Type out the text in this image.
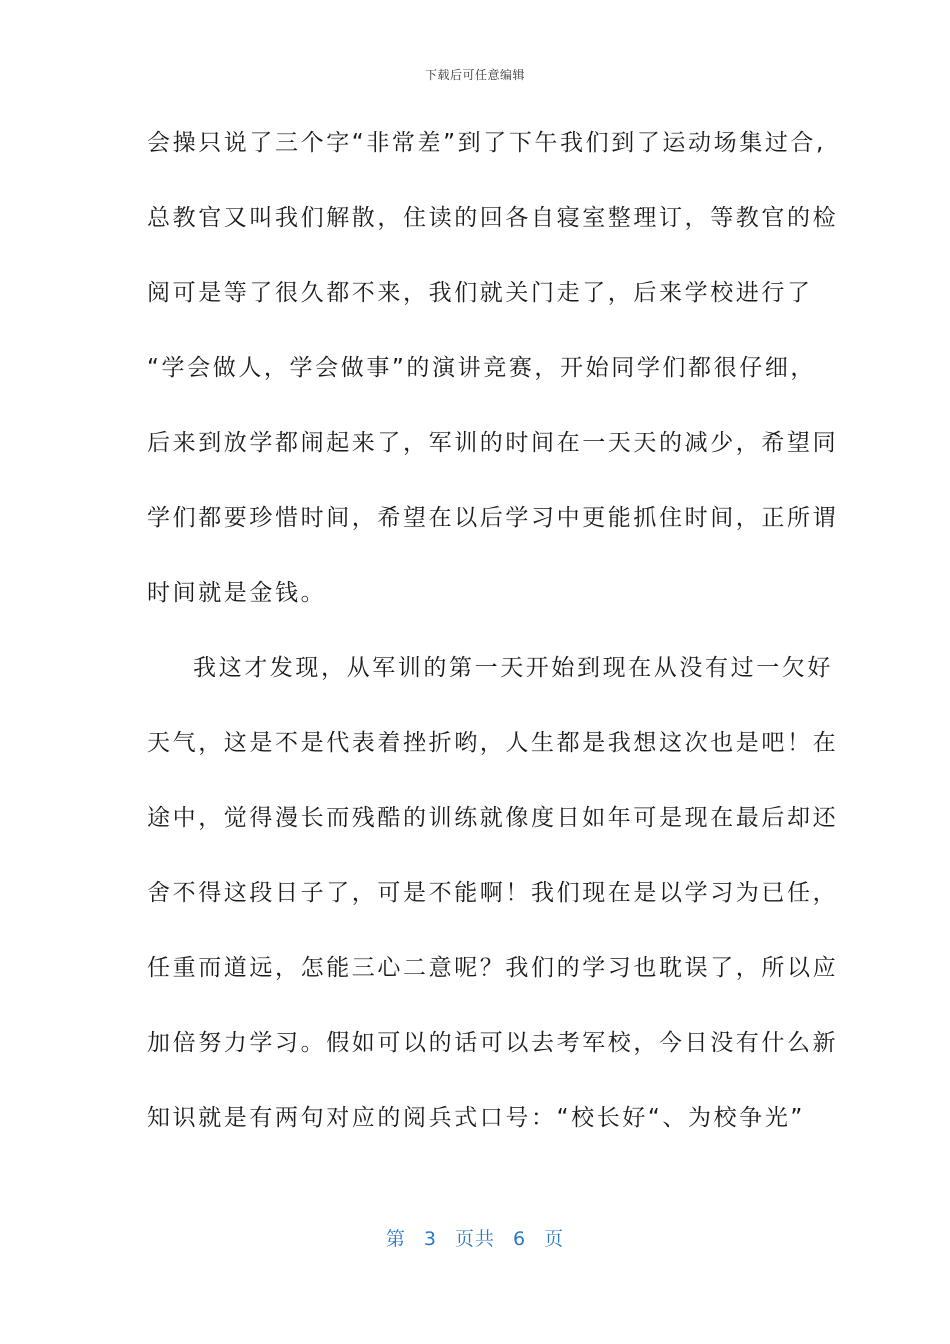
下载后可任意编辑
会操只说了三个字“非常差”到了下午我们到了运动场集过合,
总教官又叫我们解散，住读的回各自寝室整理订，等教官的检
阅可是等了很久都不来，我们就关门走了，后来学校进行了
“学会做人，学会做事”的演讲竞赛，开始同学们都很仔细，
后来到放学都闹起来了，军训的时间在一天天的减少，希望同
学们都要珍惜时间，希望在以后学习中更能抓住时间，正所谓
时间就是金钱。
我这才发现，从军训的第一天开始到现在从没有过一欠好
天气，这是不是代表着挫折哟，人生都是我想这次也是吧！在
途中，觉得漫长而残酷的训练就像度日如年可是现在最后却还
舍不得这段日子了，可是不能啊！我们现在是以学习为已任，
任重而道远，怎能三心二意呢？我们的学习也耽误了，所以应
加倍努力学习。假如可以的话可以去考军校，今日没有什么新
知识就是有两句对应的阅兵式口号：“校长好“、为校争光”
第 3 页共 6 页
